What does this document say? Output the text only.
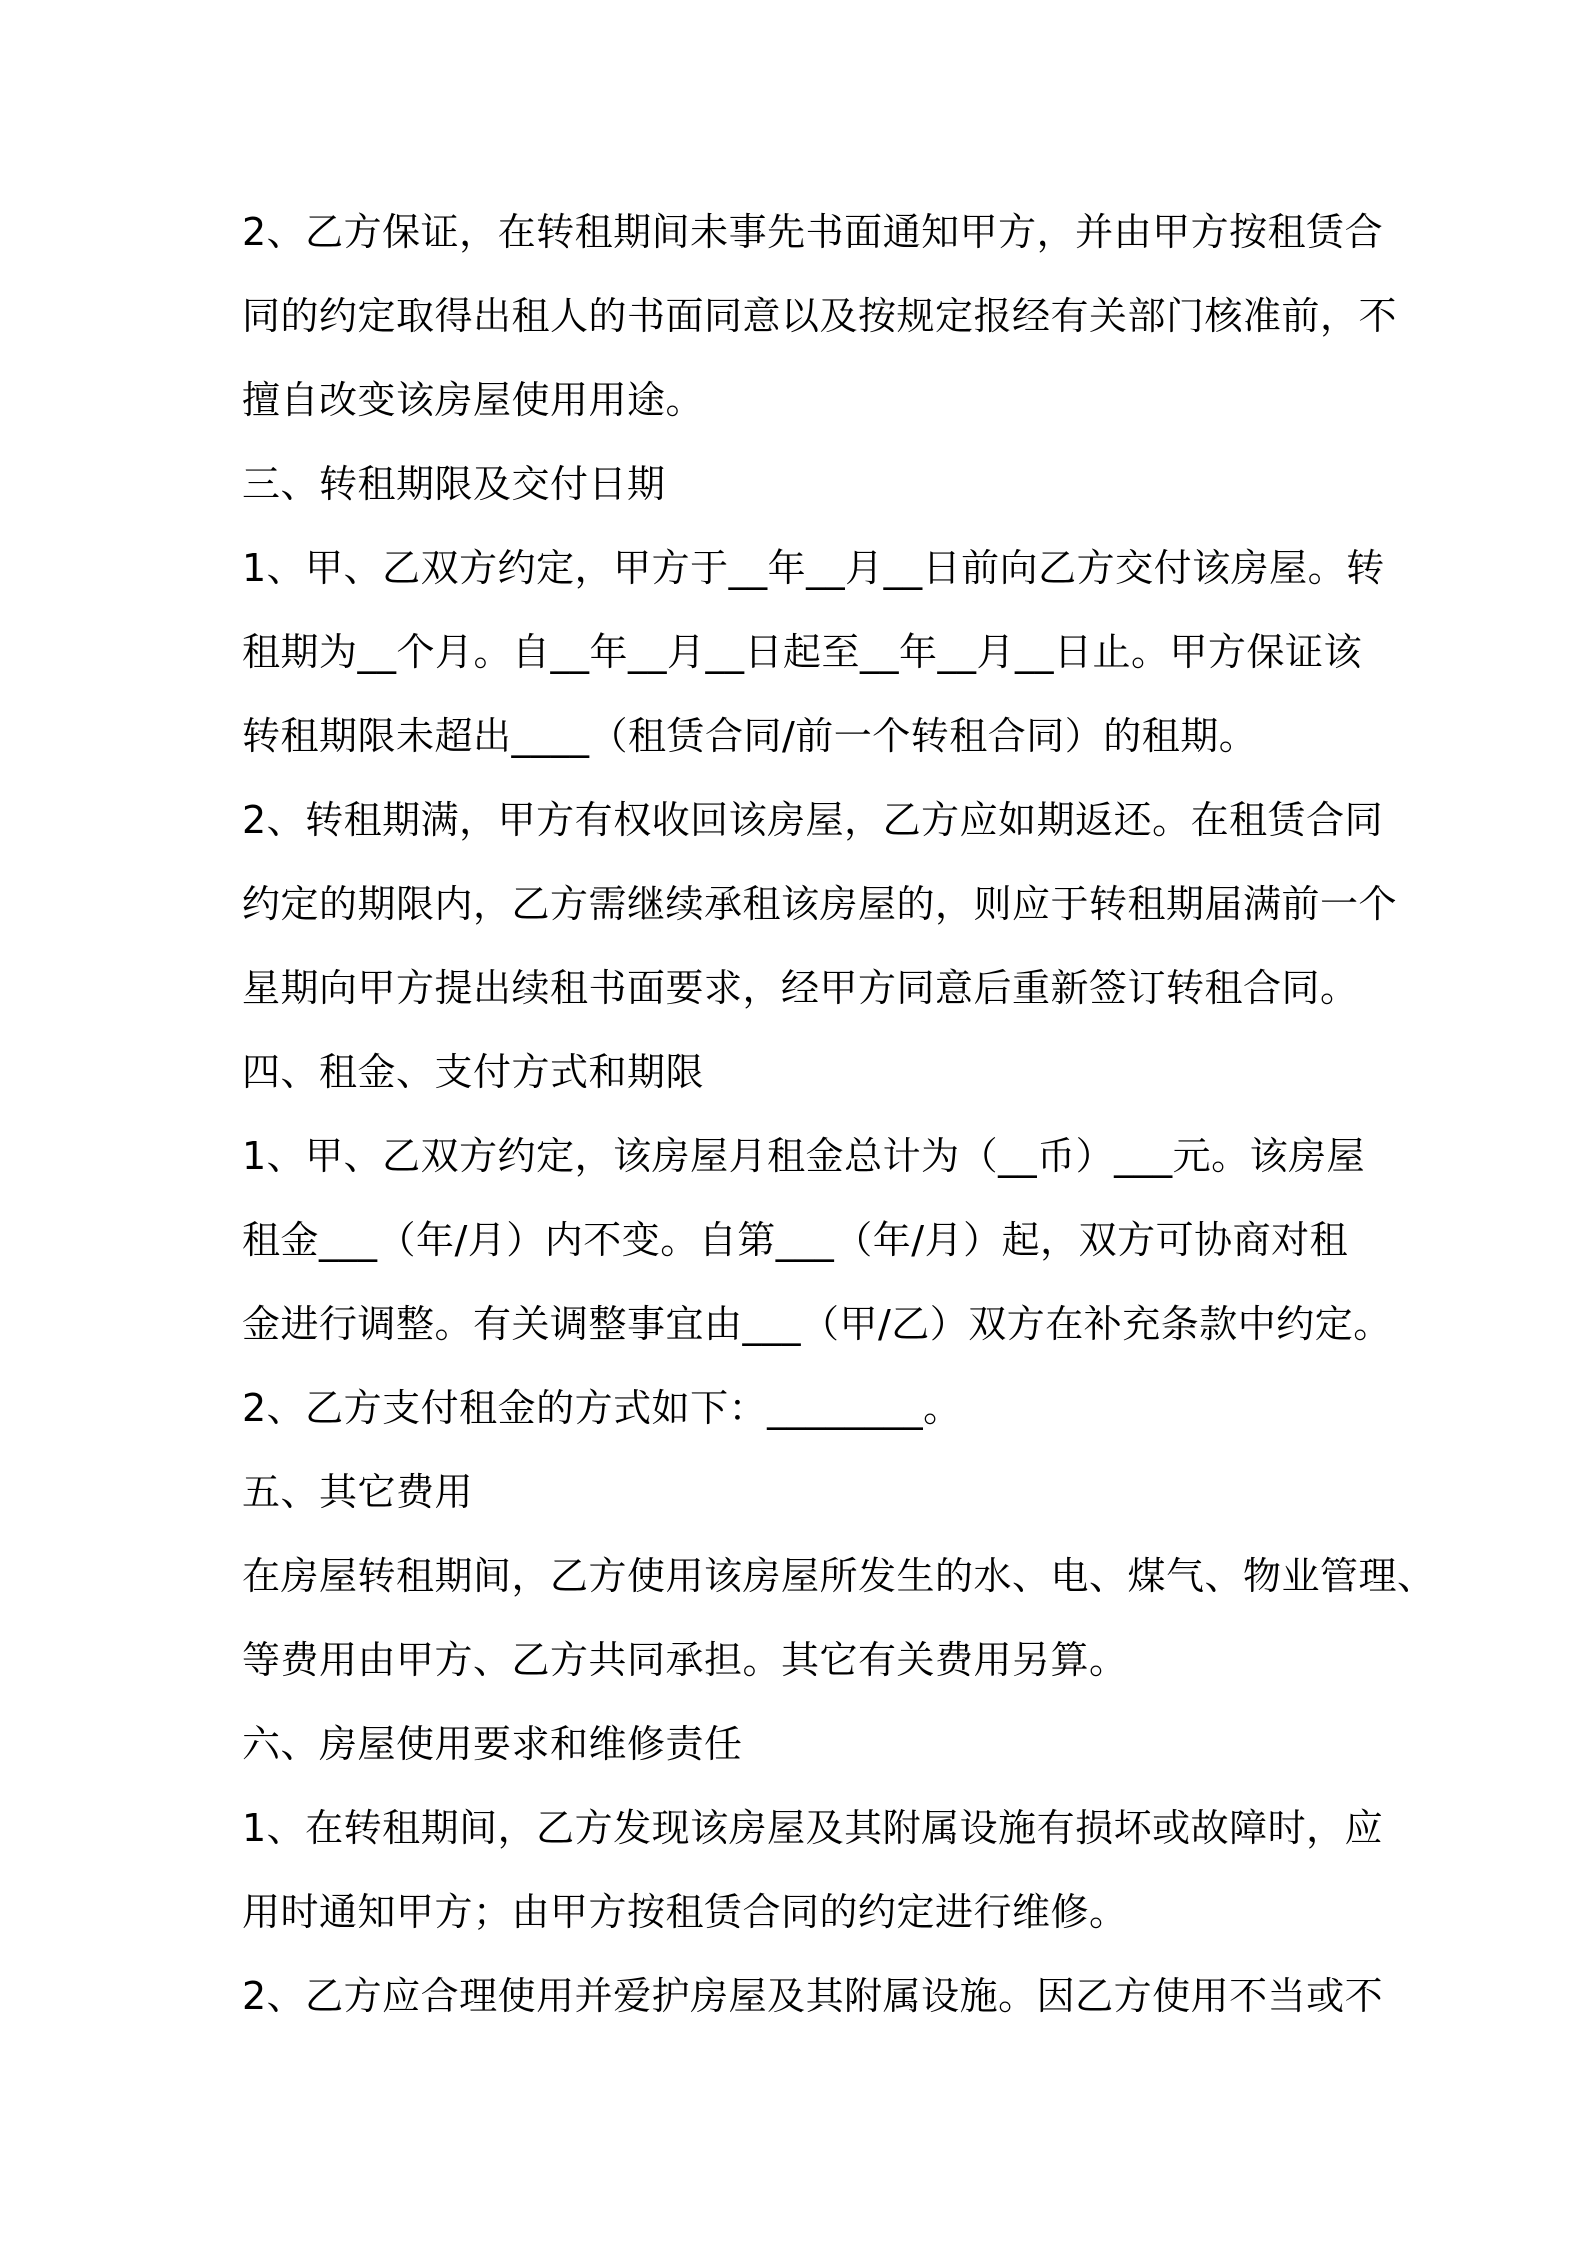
2、乙方保证，在转租期间未事先书面通知甲方，并由甲方按租赁合
同的约定取得出租人的书面同意以及按规定报经有关部门核准前，不
擅自改变该房屋使用用途。
三、转租期限及交付日期
1、甲、乙双方约定，甲方于__年__月__日前向乙方交付该房屋。转
租期为__个月。自__年__月__日起至__年__月__日止。甲方保证该
转租期限未超出____（租赁合同/前一个转租合同）的租期。
2、转租期满，甲方有权收回该房屋，乙方应如期返还。在租赁合同
约定的期限内，乙方需继续承租该房屋的，则应于转租期届满前一个
星期向甲方提出续租书面要求，经甲方同意后重新签订转租合同。
四、租金、支付方式和期限
1、甲、乙双方约定，该房屋月租金总计为（__币）___元。该房屋
租金___（年/月）内不变。自第___（年/月）起，双方可协商对租
金进行调整。有关调整事宜由___（甲/乙）双方在补充条款中约定。
2、乙方支付租金的方式如下：________。
五、其它费用
在房屋转租期间，乙方使用该房屋所发生的水、电、煤气、物业管理、
等费用由甲方、乙方共同承担。其它有关费用另算。
六、房屋使用要求和维修责任
1、在转租期间，乙方发现该房屋及其附属设施有损坏或故障时，应
用时通知甲方；由甲方按租赁合同的约定进行维修。
2、乙方应合理使用并爱护房屋及其附属设施。因乙方使用不当或不
